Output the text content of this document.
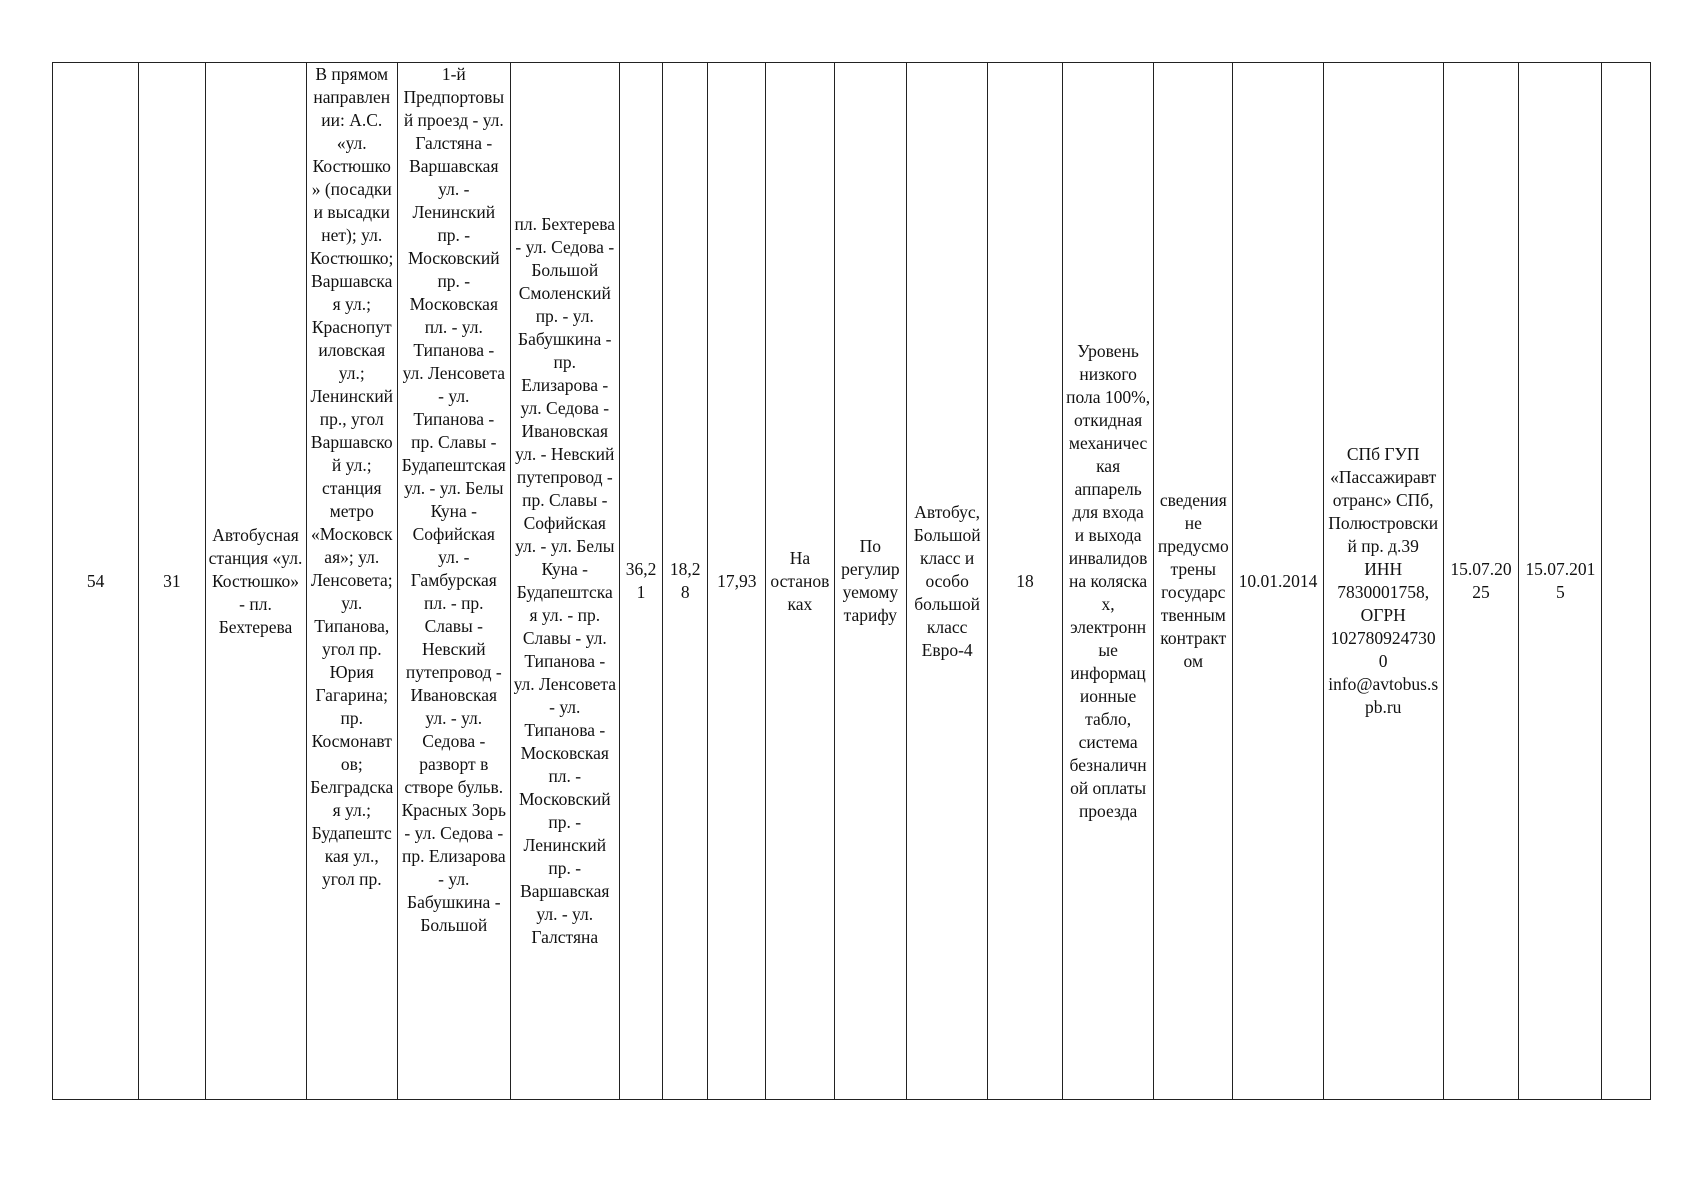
54	31	Автобусная станция «ул. Костюшко» - пл. Бехтерева	В прямом направлении: А.С. «ул. Костюшко» (посадки и высадки нет); ул. Костюшко; Варшавская ул.; Краснопутиловская ул.; Ленинский пр., угол Варшавской ул.; станция метро «Московская»; ул. Ленсовета; ул. Типанова, угол пр. Юрия Гагарина; пр. Космонавтов; Белградская ул.; Будапештская ул., угол пр.	1-й Предпортовый проезд - ул. Галстяна - Варшавская ул. - Ленинский пр. - Московский пр. - Московская пл. - ул. Типанова - ул. Ленсовета - ул. Типанова - пр. Славы - Будапештская ул. - ул. Белы Куна - Софийская ул. - Гамбурская пл. - пр. Славы - Невский путепровод - Ивановская ул. - ул. Седова - разворт в створе бульв. Красных Зорь - ул. Седова - пр. Елизарова - ул. Бабушкина - Большой	пл. Бехтерева - ул. Седова - Большой Смоленский пр. - ул. Бабушкина - пр. Елизарова - ул. Седова - Ивановская ул. - Невский путепровод - пр. Славы - Софийская ул. - ул. Белы Куна - Будапештская ул. - пр. Славы - ул. Типанова - ул. Ленсовета - ул. Типанова - Московская пл. - Московский пр. - Ленинский пр. - Варшавская ул. - ул. Галстяна	36,21	18,28	17,93	На остановках	По регулируемому тарифу	Автобус, Большой класс и особо большой класс Евро-4	18	Уровень низкого пола 100%, откидная механическая аппарель для входа и выхода инвалидов на коляска х, электронные информационные табло, система безналичной оплаты проезда	сведения не предусмотрены государственным контрактом	10.01.2014	СПб ГУП «Пассажиравтотранс» СПб, Полюстровский пр. д.39 ИНН 7830001758, ОГРН 1027809247300 info@avtobus.spb.ru	15.07.2025	15.07.2015	
